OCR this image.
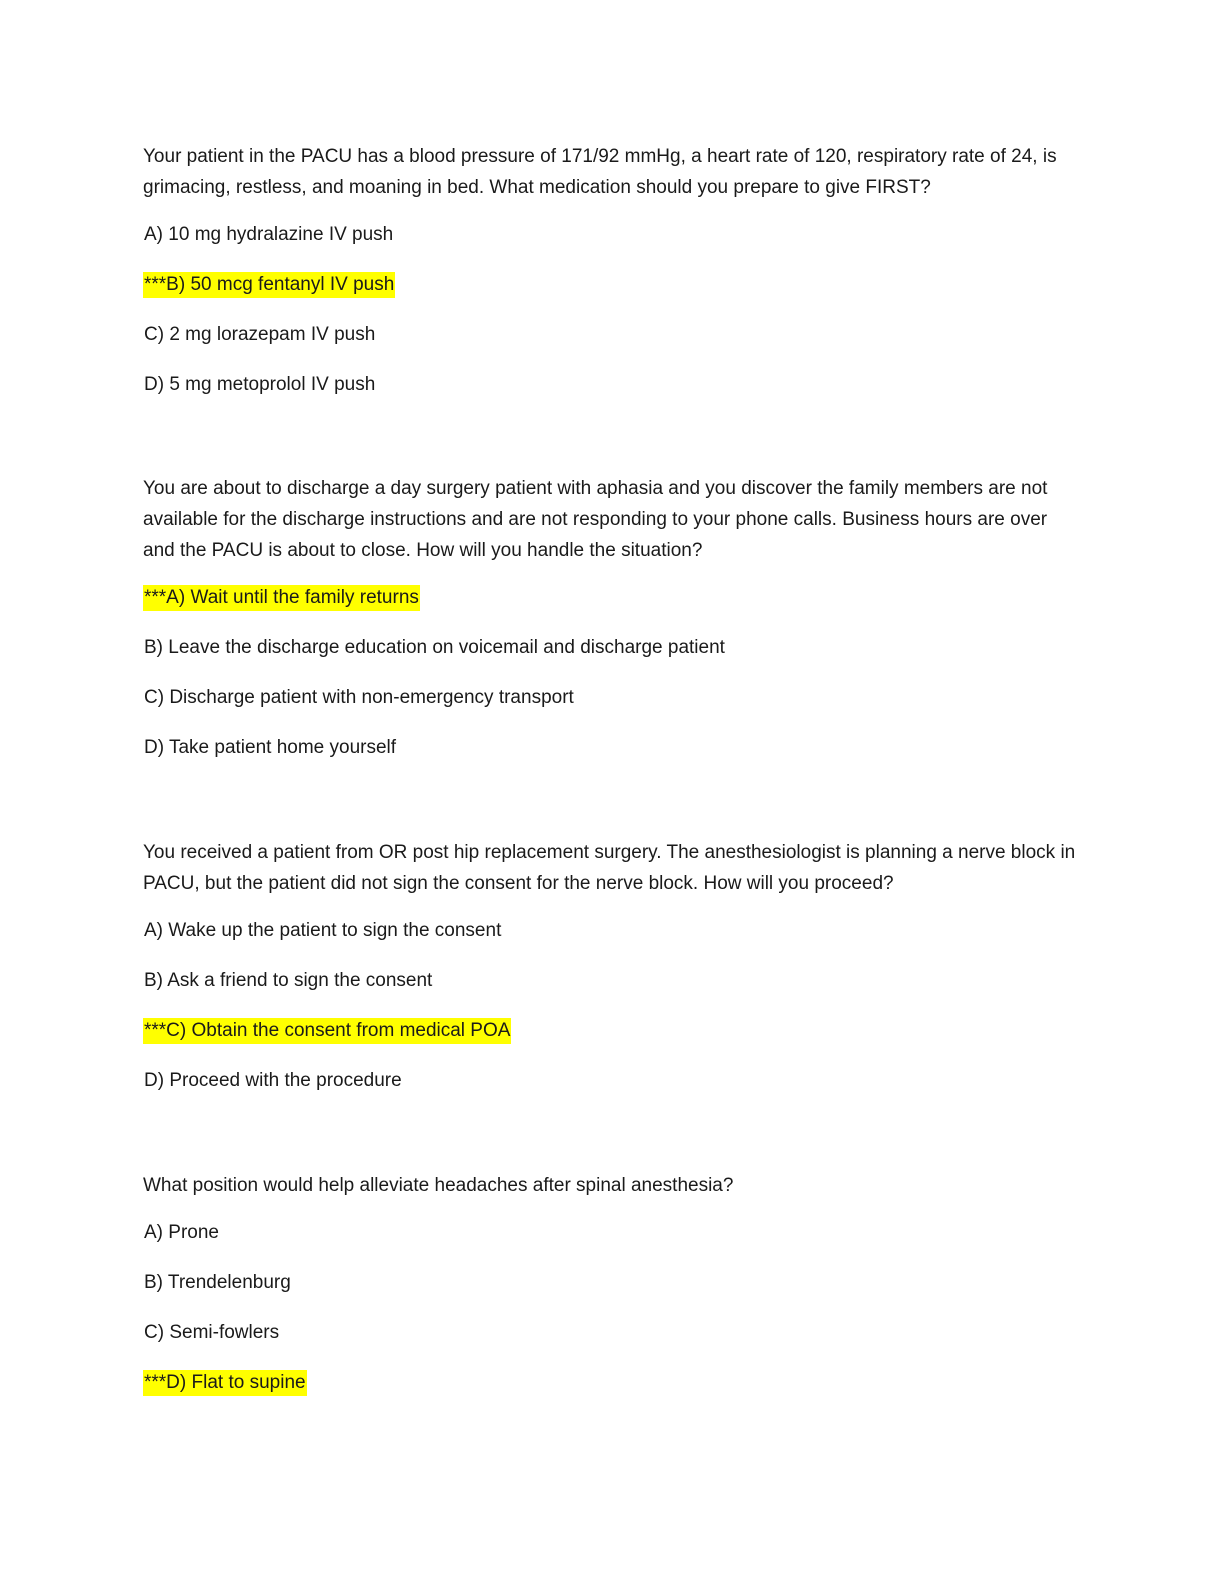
Your patient in the PACU has a blood pressure of 171/92 mmHg, a heart rate of 120, respiratory rate of 24, is grimacing, restless, and moaning in bed. What medication should you prepare to give FIRST?

A) 10 mg hydralazine IV push
***B) 50 mcg fentanyl IV push
C) 2 mg lorazepam IV push
D) 5 mg metoprolol IV push

You are about to discharge a day surgery patient with aphasia and you discover the family members are not available for the discharge instructions and are not responding to your phone calls. Business hours are over and the PACU is about to close. How will you handle the situation?

***A) Wait until the family returns
B) Leave the discharge education on voicemail and discharge patient
C) Discharge patient with non-emergency transport
D) Take patient home yourself

You received a patient from OR post hip replacement surgery. The anesthesiologist is planning a nerve block in PACU, but the patient did not sign the consent for the nerve block. How will you proceed?

A) Wake up the patient to sign the consent
B) Ask a friend to sign the consent
***C) Obtain the consent from medical POA
D) Proceed with the procedure

What position would help alleviate headaches after spinal anesthesia?

A) Prone
B) Trendelenburg
C) Semi-fowlers
***D) Flat to supine
